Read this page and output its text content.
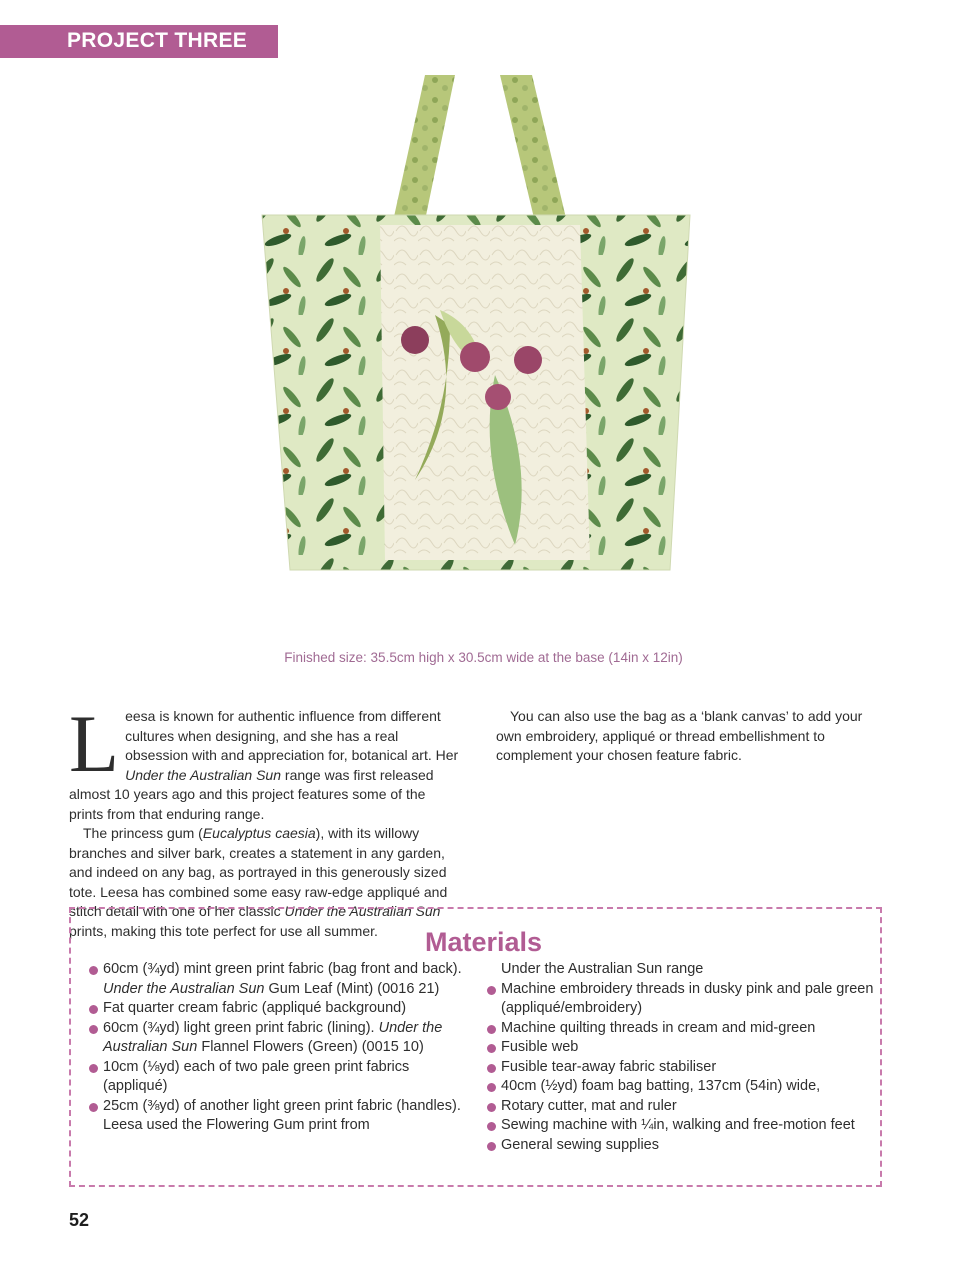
PROJECT THREE
Finished size: 35.5cm high x 30.5cm wide at the base (14in x 12in)

Leesa is known for authentic influence from different cultures when designing, and she has a real obsession with and appreciation for, botanical art. Her Under the Australian Sun range was first released almost 10 years ago and this project features some of the prints from that enduring range.

The princess gum (Eucalyptus caesia), with its willowy branches and silver bark, creates a statement in any garden, and indeed on any bag, as portrayed in this generously sized tote. Leesa has combined some easy raw-edge appliqué and stitch detail with one of her classic Under the Australian Sun prints, making this tote perfect for use all summer.

You can also use the bag as a ‘blank canvas’ to add your own embroidery, appliqué or thread embellishment to complement your chosen feature fabric.

Materials
60cm (¾yd) mint green print fabric (bag front and back). Under the Australian Sun Gum Leaf (Mint) (0016 21)
Fat quarter cream fabric (appliqué background)
60cm (¾yd) light green print fabric (lining). Under the Australian Sun Flannel Flowers (Green) (0015 10)
10cm (⅛yd) each of two pale green print fabrics (appliqué)
25cm (⅜yd) of another light green print fabric (handles). Leesa used the Flowering Gum print from
Under the Australian Sun range
Machine embroidery threads in dusky pink and pale green (appliqué/embroidery)
Machine quilting threads in cream and mid-green
Fusible web
Fusible tear-away fabric stabiliser
40cm (½yd) foam bag batting, 137cm (54in) wide,
Rotary cutter, mat and ruler
Sewing machine with ¼in, walking and free-motion feet
General sewing supplies
52
